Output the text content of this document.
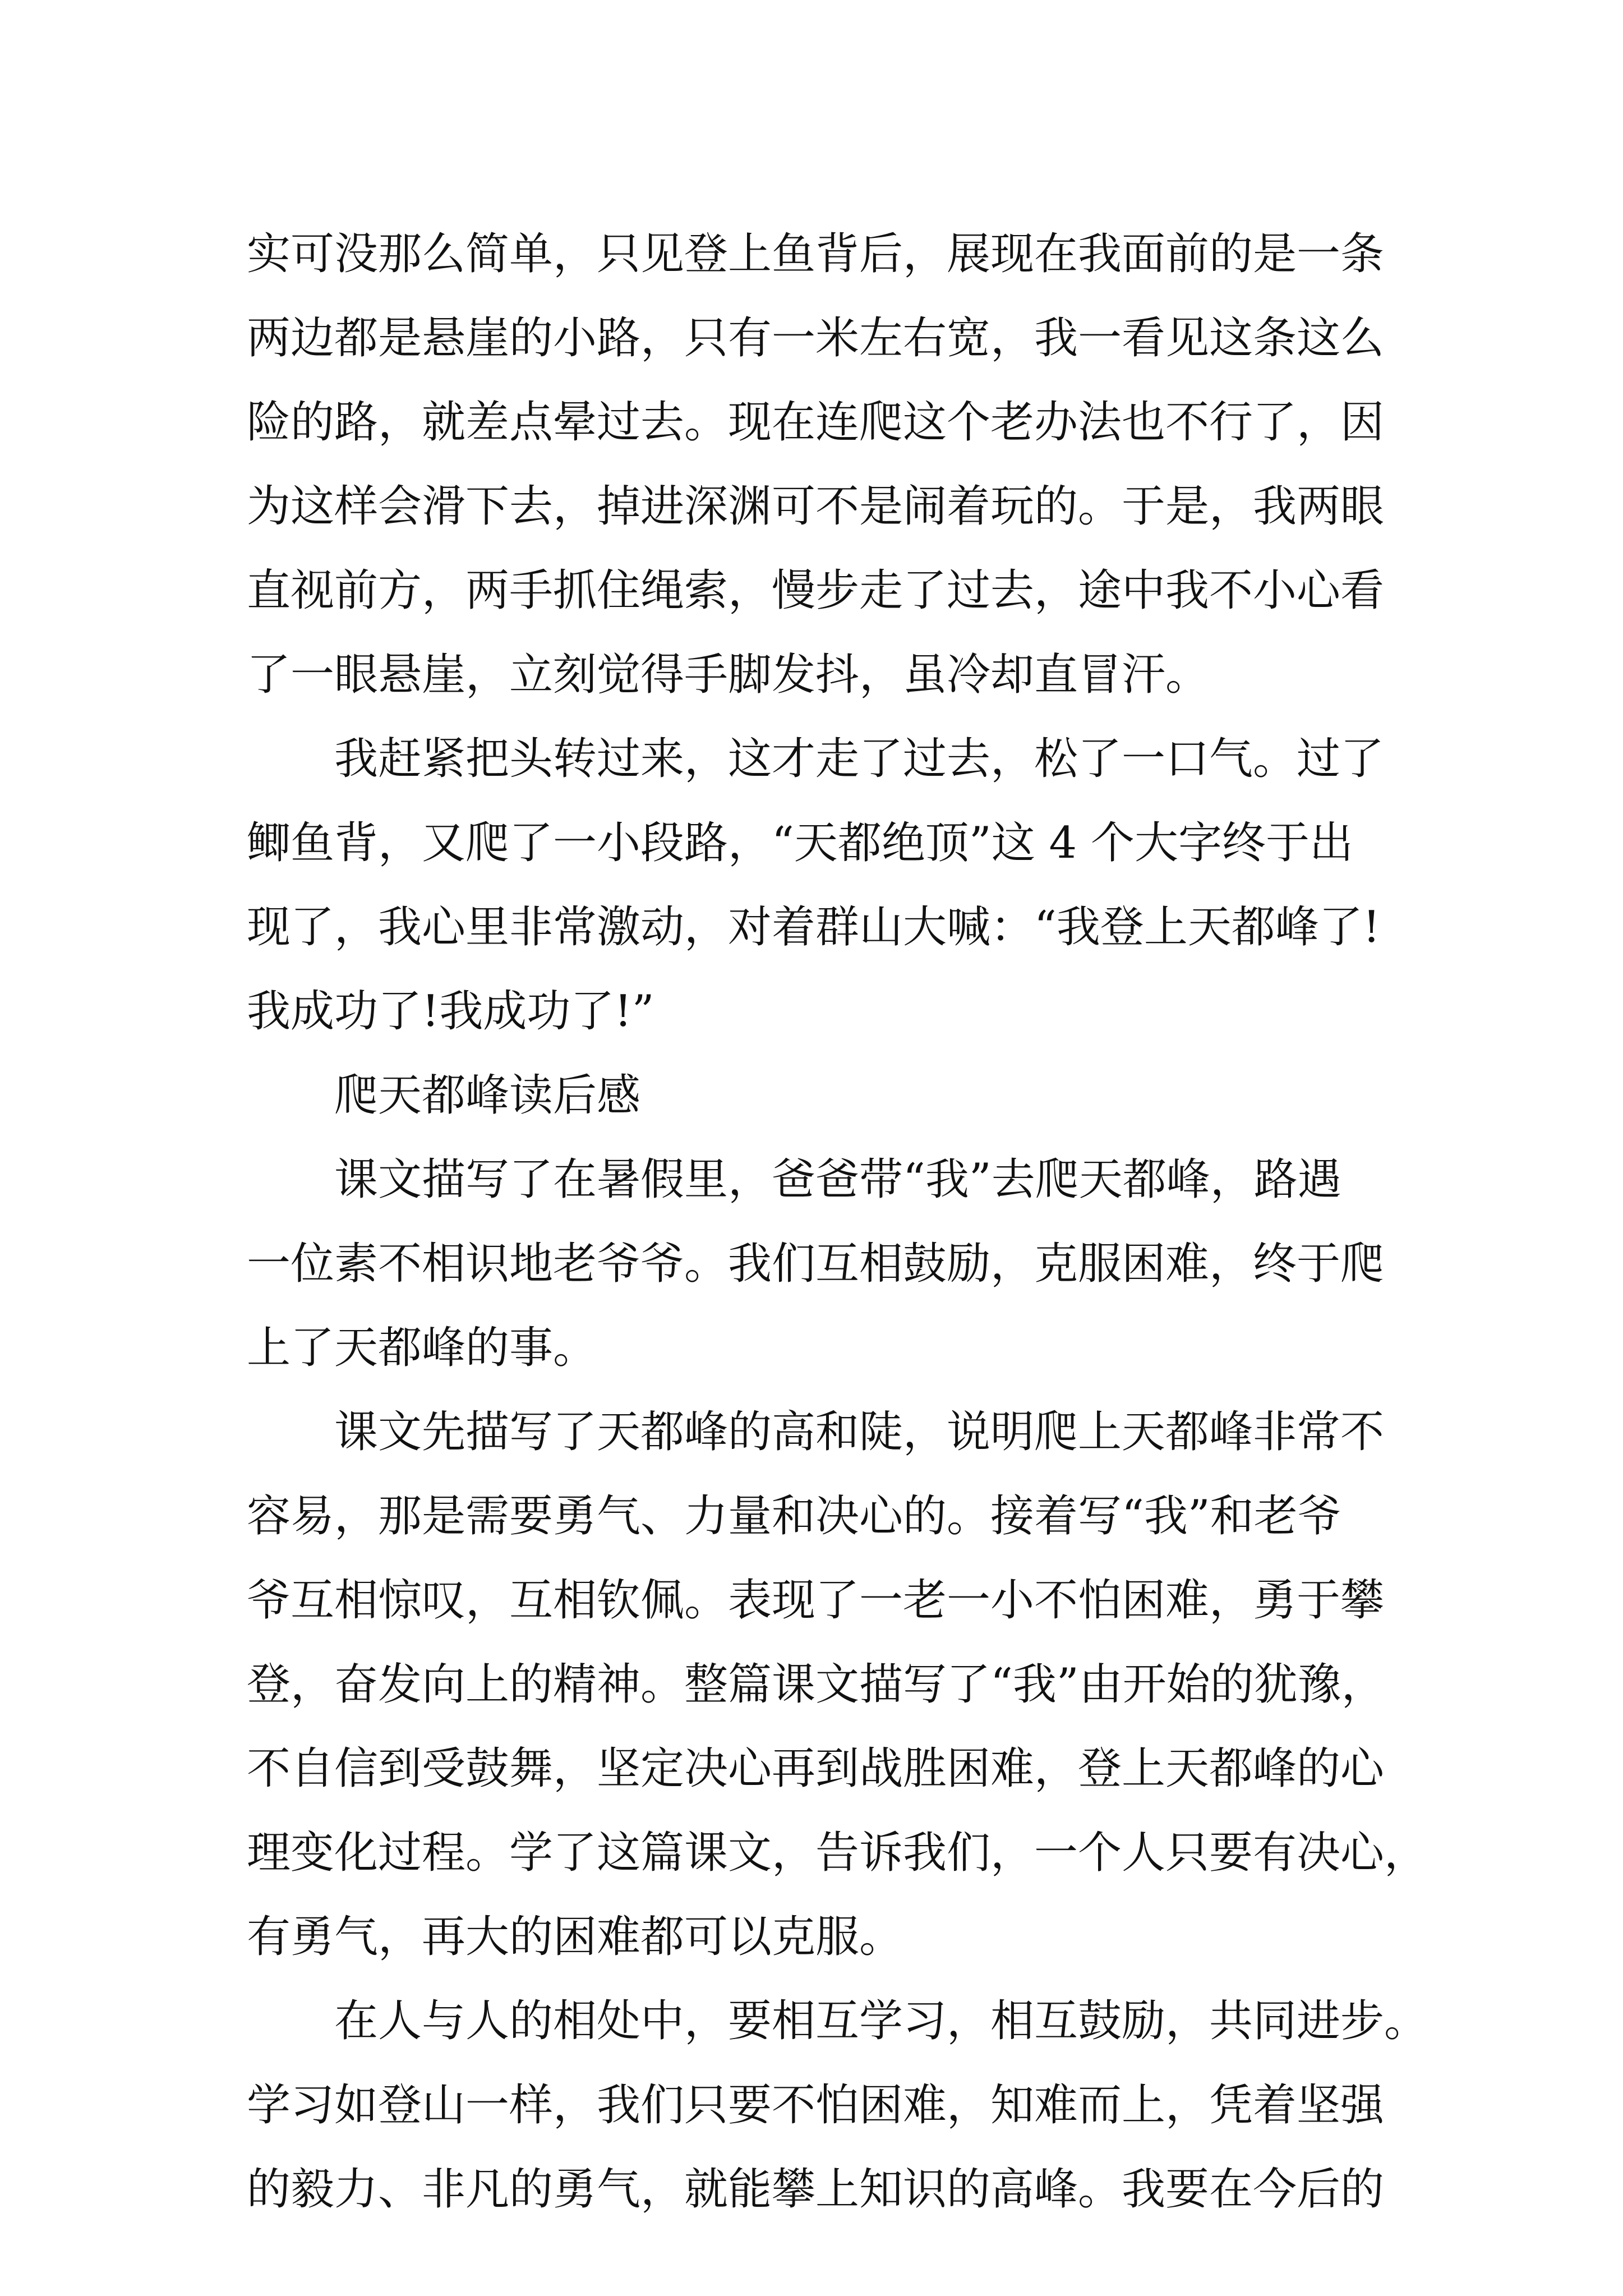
实可没那么简单，只见登上鱼背后，展现在我面前的是一条
两边都是悬崖的小路，只有一米左右宽，我一看见这条这么
险的路，就差点晕过去。现在连爬这个老办法也不行了，因
为这样会滑下去，掉进深渊可不是闹着玩的。于是，我两眼
直视前方，两手抓住绳索，慢步走了过去，途中我不小心看
了一眼悬崖，立刻觉得手脚发抖，虽冷却直冒汗。
我赶紧把头转过来，这才走了过去，松了一口气。过了
鲫鱼背，又爬了一小段路，“天都绝顶”这 4 个大字终于出
现了，我心里非常激动，对着群山大喊：“我登上天都峰了!
我成功了!我成功了!”
爬天都峰读后感
课文描写了在暑假里，爸爸带“我”去爬天都峰，路遇
一位素不相识地老爷爷。我们互相鼓励，克服困难，终于爬
上了天都峰的事。
课文先描写了天都峰的高和陡，说明爬上天都峰非常不
容易，那是需要勇气、力量和决心的。接着写“我”和老爷
爷互相惊叹，互相钦佩。表现了一老一小不怕困难，勇于攀
登，奋发向上的精神。整篇课文描写了“我”由开始的犹豫，
不自信到受鼓舞，坚定决心再到战胜困难，登上天都峰的心
理变化过程。学了这篇课文，告诉我们，一个人只要有决心，
有勇气，再大的困难都可以克服。
在人与人的相处中，要相互学习，相互鼓励，共同进步。
学习如登山一样，我们只要不怕困难，知难而上，凭着坚强
的毅力、非凡的勇气，就能攀上知识的高峰。我要在今后的
